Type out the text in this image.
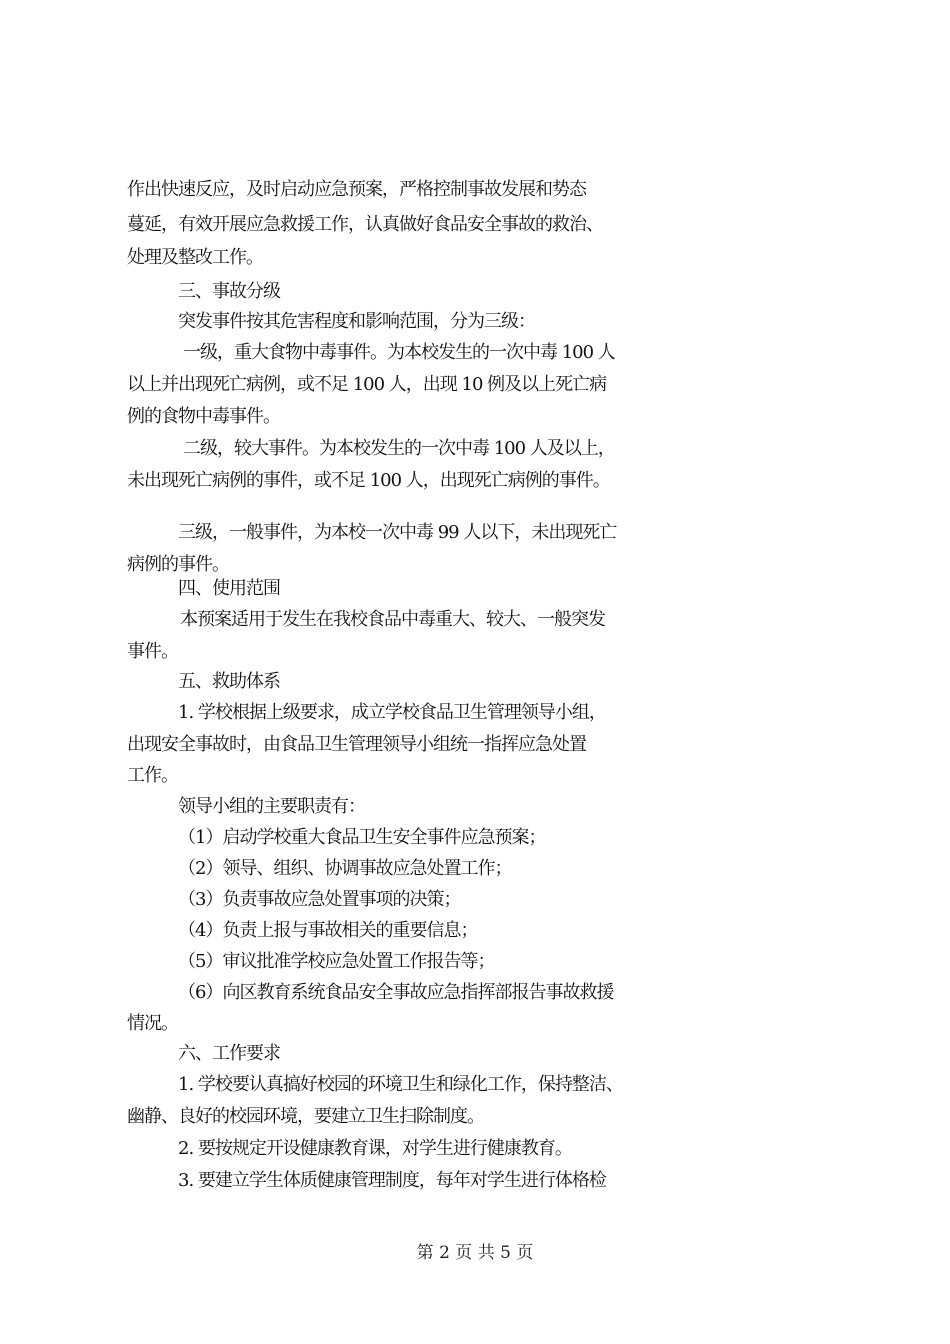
作出快速反应，及时启动应急预案，严格控制事故发展和势态
蔓延，有效开展应急救援工作，认真做好食品安全事故的救治、
处理及整改工作。
三、事故分级
突发事件按其危害程度和影响范围，分为三级：
一级，重大食物中毒事件。为本校发生的一次中毒 100 人
以上并出现死亡病例，或不足 100 人，出现 10 例及以上死亡病
例的食物中毒事件。
二级，较大事件。为本校发生的一次中毒 100 人及以上，
未出现死亡病例的事件，或不足 100 人，出现死亡病例的事件。
三级，一般事件，为本校一次中毒 99 人以下，未出现死亡
病例的事件。
四、使用范围
本预案适用于发生在我校食品中毒重大、较大、一般突发
事件。
五、救助体系
1. 学校根据上级要求，成立学校食品卫生管理领导小组，
出现安全事故时，由食品卫生管理领导小组统一指挥应急处置
工作。
领导小组的主要职责有：
（1）启动学校重大食品卫生安全事件应急预案；
（2）领导、组织、协调事故应急处置工作；
（3）负责事故应急处置事项的决策；
（4）负责上报与事故相关的重要信息；
（5）审议批准学校应急处置工作报告等；
（6）向区教育系统食品安全事故应急指挥部报告事故救援
情况。
六、工作要求
1. 学校要认真搞好校园的环境卫生和绿化工作，保持整洁、
幽静、良好的校园环境，要建立卫生扫除制度。
2. 要按规定开设健康教育课，对学生进行健康教育。
3. 要建立学生体质健康管理制度，每年对学生进行体格检
第 2 页 共 5 页
